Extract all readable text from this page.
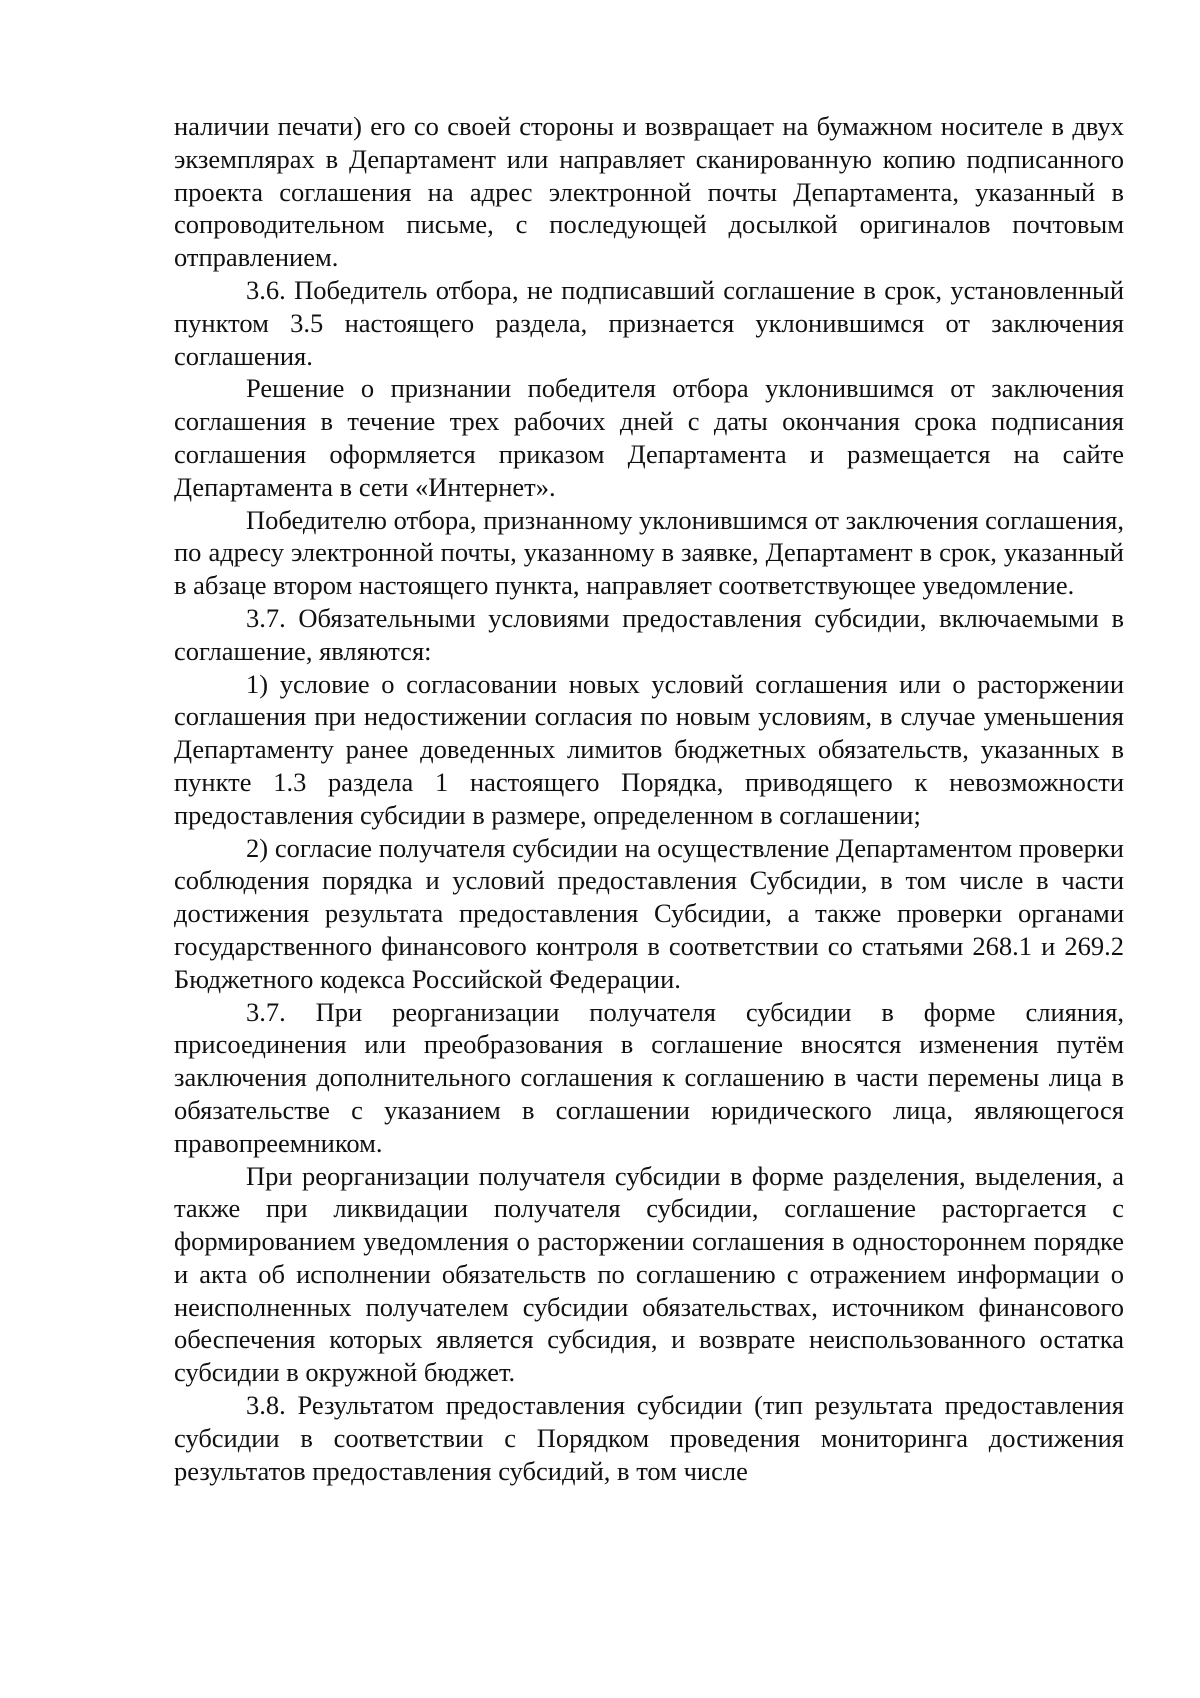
наличии печати) его со своей стороны и возвращает на бумажном носителе в двух экземплярах в Департамент или направляет сканированную копию подписанного проекта соглашения на адрес электронной почты Департамента, указанный в сопроводительном письме, с последующей досылкой оригиналов почтовым отправлением.

3.6. Победитель отбора, не подписавший соглашение в срок, установленный пунктом 3.5 настоящего раздела, признается уклонившимся от заключения соглашения.

Решение о признании победителя отбора уклонившимся от заключения соглашения в течение трех рабочих дней с даты окончания срока подписания соглашения оформляется приказом Департамента и размещается на сайте Департамента в сети «Интернет».

Победителю отбора, признанному уклонившимся от заключения соглашения, по адресу электронной почты, указанному в заявке, Департамент в срок, указанный в абзаце втором настоящего пункта, направляет соответствующее уведомление.

3.7. Обязательными условиями предоставления субсидии, включаемыми в соглашение, являются:

1) условие о согласовании новых условий соглашения или о расторжении соглашения при недостижении согласия по новым условиям, в случае уменьшения Департаменту ранее доведенных лимитов бюджетных обязательств, указанных в пункте 1.3 раздела 1 настоящего Порядка, приводящего к невозможности предоставления субсидии в размере, определенном в соглашении;

2) согласие получателя субсидии на осуществление Департаментом проверки соблюдения порядка и условий предоставления Субсидии, в том числе в части достижения результата предоставления Субсидии, а также проверки органами государственного финансового контроля в соответствии со статьями 268.1 и 269.2 Бюджетного кодекса Российской Федерации.

3.7. При реорганизации получателя субсидии в форме слияния, присоединения или преобразования в соглашение вносятся изменения путём заключения дополнительного соглашения к соглашению в части перемены лица в обязательстве с указанием в соглашении юридического лица, являющегося правопреемником.

При реорганизации получателя субсидии в форме разделения, выделения, а также при ликвидации получателя субсидии, соглашение расторгается с формированием уведомления о расторжении соглашения в одностороннем порядке и акта об исполнении обязательств по соглашению с отражением информации о неисполненных получателем субсидии обязательствах, источником финансового обеспечения которых является субсидия, и возврате неиспользованного остатка субсидии в окружной бюджет.

3.8. Результатом предоставления субсидии (тип результата предоставления субсидии в соответствии с Порядком проведения мониторинга достижения результатов предоставления субсидий, в том числе
